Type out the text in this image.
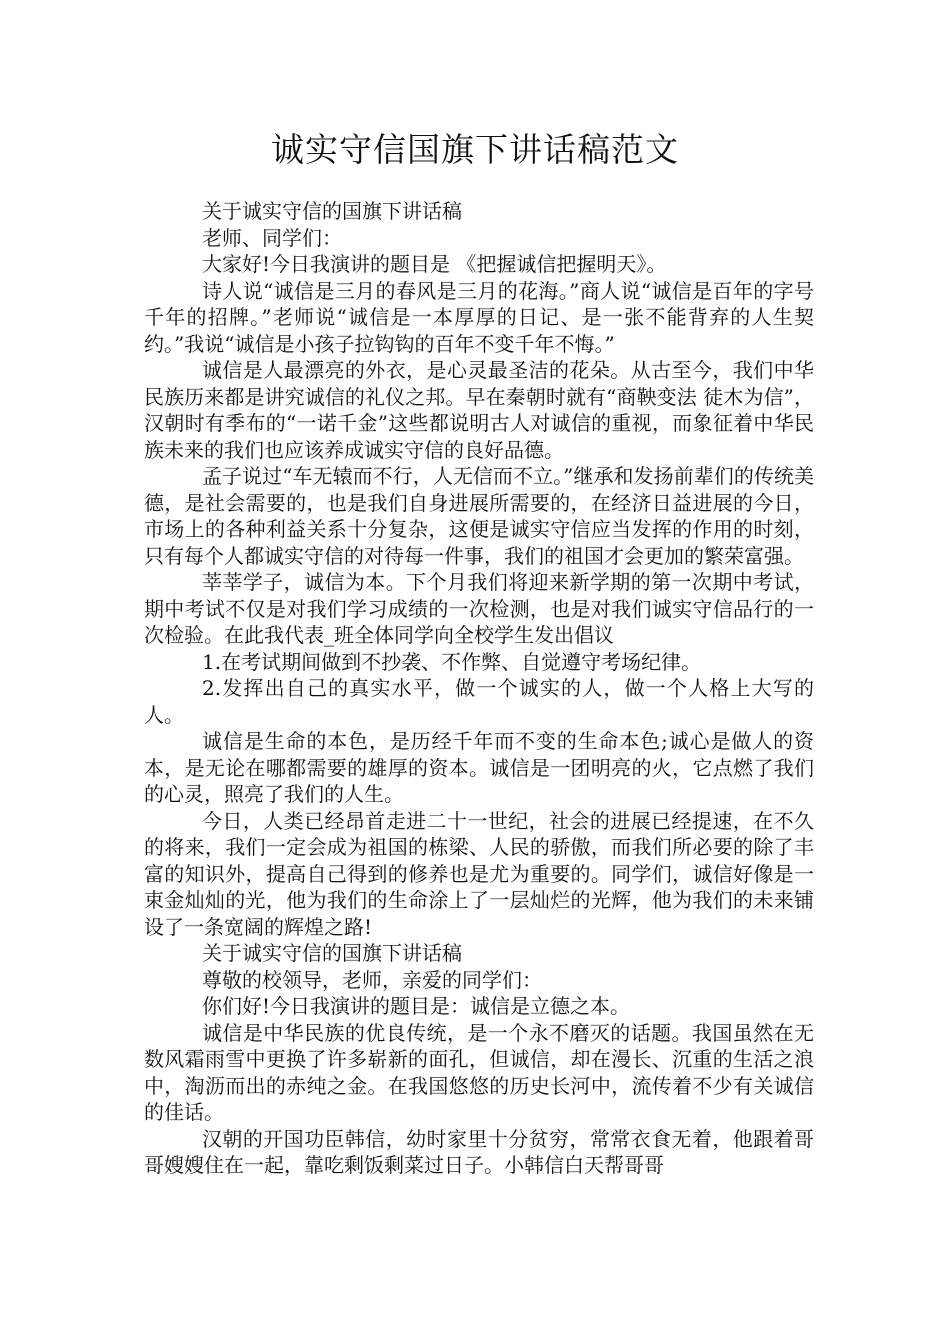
诚实守信国旗下讲话稿范文

关于诚实守信的国旗下讲话稿

老师、同学们：

大家好!今日我演讲的题目是 《把握诚信把握明天》。

诗人说“诚信是三月的春风是三月的花海。”商人说“诚信是百年的字号千年的招牌。”老师说“诚信是一本厚厚的日记、是一张不能背弃的人生契约。”我说“诚信是小孩子拉钩钩的百年不变千年不悔。”

诚信是人最漂亮的外衣，是心灵最圣洁的花朵。从古至今，我们中华民族历来都是讲究诚信的礼仪之邦。早在秦朝时就有“商鞅变法 徒木为信”，汉朝时有季布的“一诺千金”这些都说明古人对诚信的重视，而象征着中华民族未来的我们也应该养成诚实守信的良好品德。

孟子说过“车无辕而不行，人无信而不立。”继承和发扬前辈们的传统美德，是社会需要的，也是我们自身进展所需要的，在经济日益进展的今日，市场上的各种利益关系十分复杂，这便是诚实守信应当发挥的作用的时刻，只有每个人都诚实守信的对待每一件事，我们的祖国才会更加的繁荣富强。

莘莘学子，诚信为本。下个月我们将迎来新学期的第一次期中考试，期中考试不仅是对我们学习成绩的一次检测，也是对我们诚实守信品行的一次检验。在此我代表_班全体同学向全校学生发出倡议

1.在考试期间做到不抄袭、不作弊、自觉遵守考场纪律。

2.发挥出自己的真实水平，做一个诚实的人，做一个人格上大写的人。

诚信是生命的本色，是历经千年而不变的生命本色;诚心是做人的资本，是无论在哪都需要的雄厚的资本。诚信是一团明亮的火，它点燃了我们的心灵，照亮了我们的人生。

今日，人类已经昂首走进二十一世纪，社会的进展已经提速，在不久的将来，我们一定会成为祖国的栋梁、人民的骄傲，而我们所必要的除了丰富的知识外，提高自己得到的修养也是尤为重要的。同学们，诚信好像是一束金灿灿的光，他为我们的生命涂上了一层灿烂的光辉，他为我们的未来铺设了一条宽阔的辉煌之路!

关于诚实守信的国旗下讲话稿

尊敬的校领导，老师，亲爱的同学们：

你们好!今日我演讲的题目是：诚信是立德之本。

诚信是中华民族的优良传统，是一个永不磨灭的话题。我国虽然在无数风霜雨雪中更换了许多崭新的面孔，但诚信，却在漫长、沉重的生活之浪中，淘沥而出的赤纯之金。在我国悠悠的历史长河中，流传着不少有关诚信的佳话。

汉朝的开国功臣韩信，幼时家里十分贫穷，常常衣食无着，他跟着哥哥嫂嫂住在一起，靠吃剩饭剩菜过日子。小韩信白天帮哥哥
